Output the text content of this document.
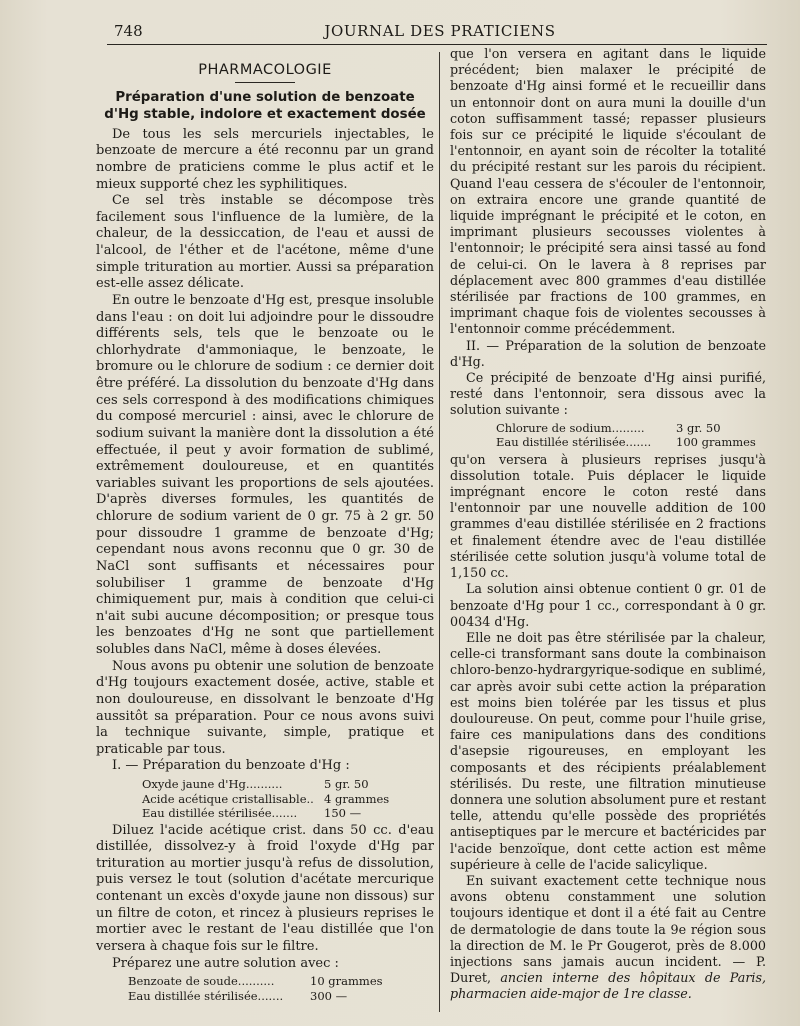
748	JOURNAL DES PRATICIENS
PHARMACOLOGIE
Préparation d'une solution de benzoate d'Hg stable, indolore et exactement dosée

De tous les sels mercuriels injectables, le benzoate de mercure a été reconnu par un grand nombre de praticiens comme le plus actif et le mieux supporté chez les syphilitiques.

Ce sel très instable se décompose très facilement sous l'influence de la lumière, de la chaleur, de la dessiccation, de l'eau et aussi de l'alcool, de l'éther et de l'acétone, même d'une simple trituration au mortier. Aussi sa préparation est-elle assez délicate.

En outre le benzoate d'Hg est, presque insoluble dans l'eau : on doit lui adjoindre pour le dissoudre différents sels, tels que le benzoate ou le chlorhydrate d'ammoniaque, le benzoate, le bromure ou le chlorure de sodium : ce dernier doit être préféré. La dissolution du benzoate d'Hg dans ces sels correspond à des modifications chimiques du composé mercuriel : ainsi, avec le chlorure de sodium suivant la manière dont la dissolution a été effectuée, il peut y avoir formation de sublimé, extrêmement douloureuse, et en quantités variables suivant les proportions de sels ajoutées. D'après diverses formules, les quantités de chlorure de sodium varient de 0 gr. 75 à 2 gr. 50 pour dissoudre 1 gramme de benzoate d'Hg; cependant nous avons reconnu que 0 gr. 30 de NaCl sont suffisants et nécessaires pour solubiliser 1 gramme de benzoate d'Hg chimiquement pur, mais à condition que celui-ci n'ait subi aucune décomposition; or presque tous les benzoates d'Hg ne sont que partiellement solubles dans NaCl, même à doses élevées.

Nous avons pu obtenir une solution de benzoate d'Hg toujours exactement dosée, active, stable et non douloureuse, en dissolvant le benzoate d'Hg aussitôt sa préparation. Pour ce nous avons suivi la technique suivante, simple, pratique et praticable par tous.

I. — Préparation du benzoate d'Hg :

Oxyde jaune d'Hg..........	5 gr. 50
Acide acétique cristallisable.. 4 grammes
Eau distillée stérilisée.......	150 —

Diluez l'acide acétique crist. dans 50 cc. d'eau distillée, dissolvez-y à froid l'oxyde d'Hg par trituration au mortier jusqu'à refus de dissolution, puis versez le tout (solution d'acétate mercurique contenant un excès d'oxyde jaune non dissous) sur un filtre de coton, et rincez à plusieurs reprises le mortier avec le restant de l'eau distillée que l'on versera à chaque fois sur le filtre.

Préparez une autre solution avec :

Benzoate de soude..........	10 grammes
Eau distillée stérilisée.......	300 —

que l'on versera en agitant dans le liquide précédent; bien malaxer le précipité de benzoate d'Hg ainsi formé et le recueillir dans un entonnoir dont on aura muni la douille d'un coton suffisamment tassé; repasser plusieurs fois sur ce précipité le liquide s'écoulant de l'entonnoir, en ayant soin de récolter la totalité du précipité restant sur les parois du récipient. Quand l'eau cessera de s'écouler de l'entonnoir, on extraira encore une grande quantité de liquide imprégnant le précipité et le coton, en imprimant plusieurs secousses violentes à l'entonnoir; le précipité sera ainsi tassé au fond de celui-ci. On le lavera à 8 reprises par déplacement avec 800 grammes d'eau distillée stérilisée par fractions de 100 grammes, en imprimant chaque fois de violentes secousses à l'entonnoir comme précédemment.

II. — Préparation de la solution de benzoate d'Hg.

Ce précipité de benzoate d'Hg ainsi purifié, resté dans l'entonnoir, sera dissous avec la solution suivante :

Chlorure de sodium.........	3 gr. 50
Eau distillée stérilisée.......	100 grammes

qu'on versera à plusieurs reprises jusqu'à dissolution totale. Puis déplacer le liquide imprégnant encore le coton resté dans l'entonnoir par une nouvelle addition de 100 grammes d'eau distillée stérilisée en 2 fractions et finalement étendre avec de l'eau distillée stérilisée cette solution jusqu'à volume total de 1,150 cc.

La solution ainsi obtenue contient 0 gr. 01 de benzoate d'Hg pour 1 cc., correspondant à 0 gr. 00434 d'Hg.

Elle ne doit pas être stérilisée par la chaleur, celle-ci transformant sans doute la combinaison chloro-benzo-hydrargyrique-sodique en sublimé, car après avoir subi cette action la préparation est moins bien tolérée par les tissus et plus douloureuse. On peut, comme pour l'huile grise, faire ces manipulations dans des conditions d'asepsie rigoureuses, en employant les composants et des récipients préalablement stérilisés. Du reste, une filtration minutieuse donnera une solution absolument pure et restant telle, attendu qu'elle possède des propriétés antiseptiques par le mercure et bactéricides par l'acide benzoïque, dont cette action est même supérieure à celle de l'acide salicylique.

En suivant exactement cette technique nous avons obtenu constamment une solution toujours identique et dont il a été fait au Centre de dermatologie de dans toute la 9e région sous la direction de M. le Pr Gougerot, près de 8.000 injections sans jamais aucun incident. — P. Duret, ancien interne des hôpitaux de Paris, pharmacien aide-major de 1re classe.
